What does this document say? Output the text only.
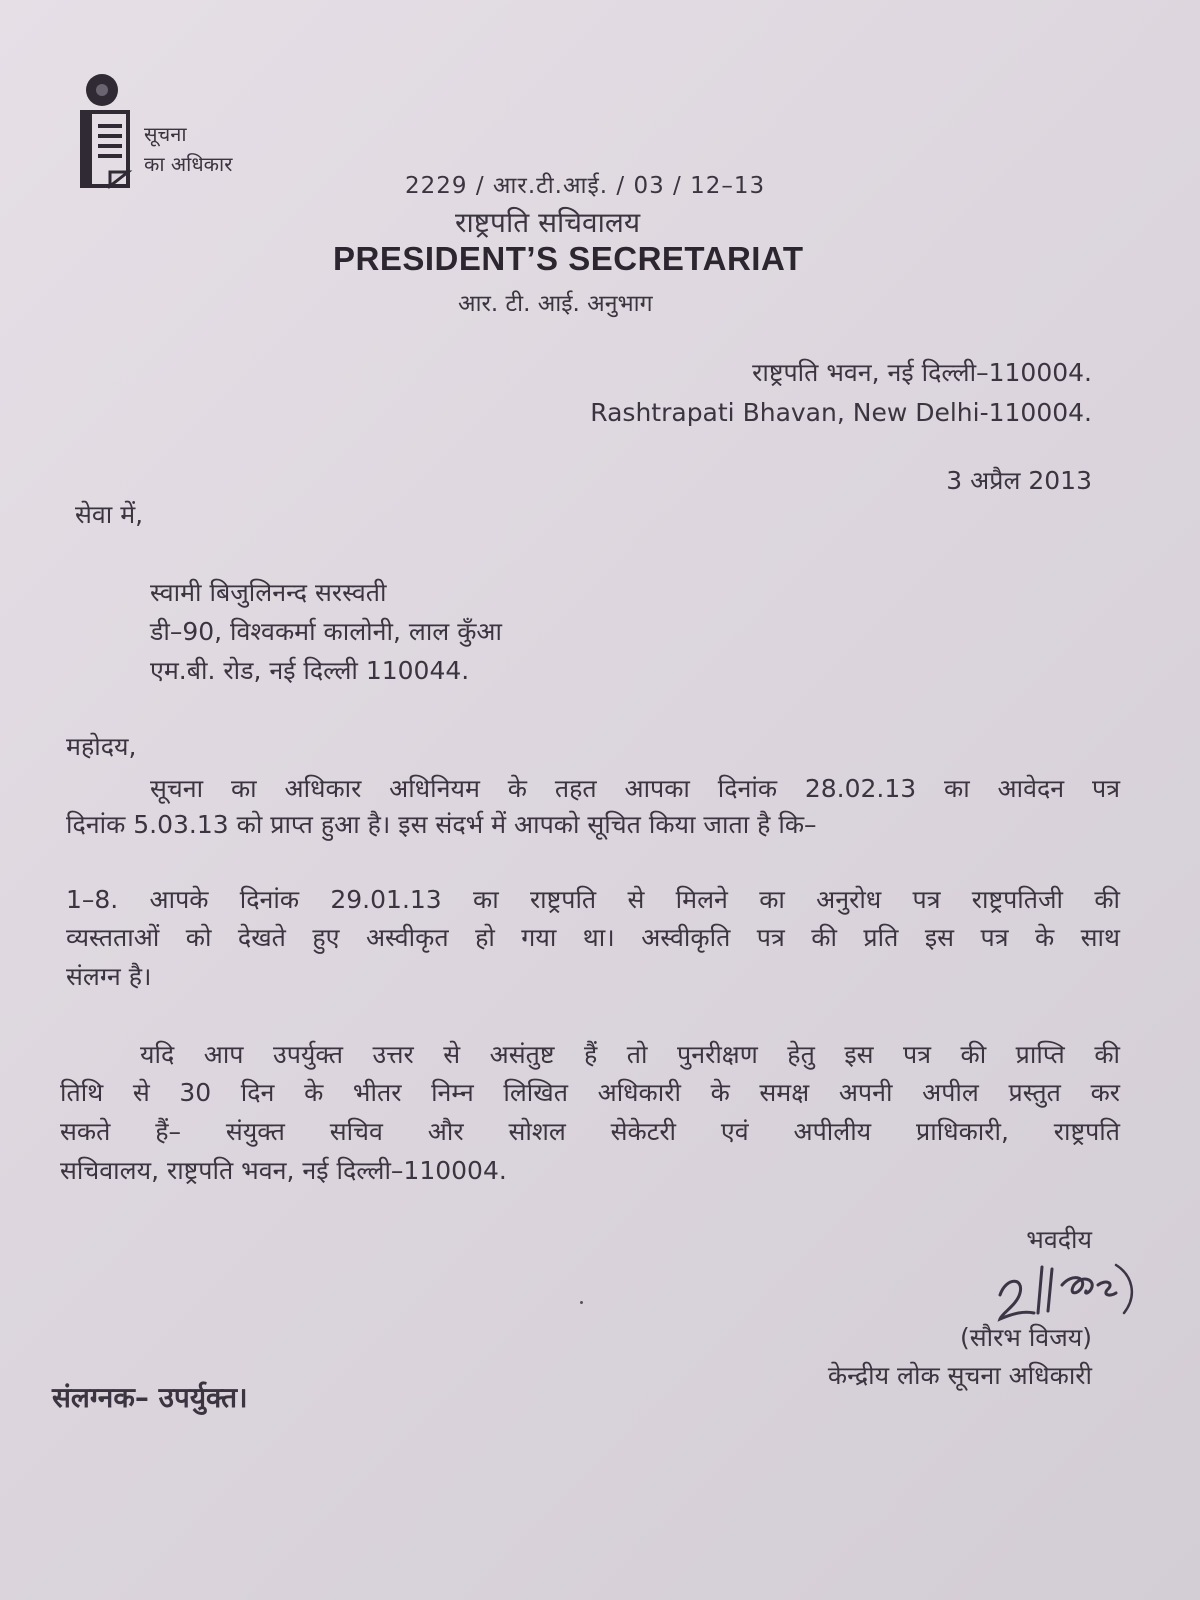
सूचना

का अधिकार

2229 / आर.टी.आई. / 03 / 12–13

राष्ट्रपति सचिवालय

PRESIDENT’S SECRETARIAT

आर. टी. आई. अनुभाग

राष्ट्रपति भवन, नई दिल्ली–110004.

Rashtrapati Bhavan, New Delhi-110004.

3 अप्रैल 2013

सेवा में,

स्वामी बिजुलिनन्द सरस्वती

डी–90, विश्वकर्मा कालोनी, लाल कुँआ

एम.बी. रोड, नई दिल्ली 110044.

महोदय,

सूचना का अधिकार अधिनियम के तहत आपका दिनांक 28.02.13 का आवेदन पत्र

दिनांक 5.03.13 को प्राप्त हुआ है। इस संदर्भ में आपको सूचित किया जाता है कि–

1–8. आपके दिनांक 29.01.13 का राष्ट्रपति से मिलने का अनुरोध पत्र राष्ट्रपतिजी की

व्यस्तताओं को देखते हुए अस्वीकृत हो गया था। अस्वीकृति पत्र की प्रति इस पत्र के साथ

संलग्न है।

यदि आप उपर्युक्त उत्तर से असंतुष्ट हैं तो पुनरीक्षण हेतु इस पत्र की प्राप्ति की

तिथि से 30 दिन के भीतर निम्न लिखित अधिकारी के समक्ष अपनी अपील प्रस्तुत कर

सकते हैं– संयुक्त सचिव और सोशल सेकेटरी एवं अपीलीय प्राधिकारी, राष्ट्रपति

सचिवालय, राष्ट्रपति भवन, नई दिल्ली–110004.

भवदीय

(सौरभ विजय)

केन्द्रीय लोक सूचना अधिकारी

संलग्नक– उपर्युक्त।
